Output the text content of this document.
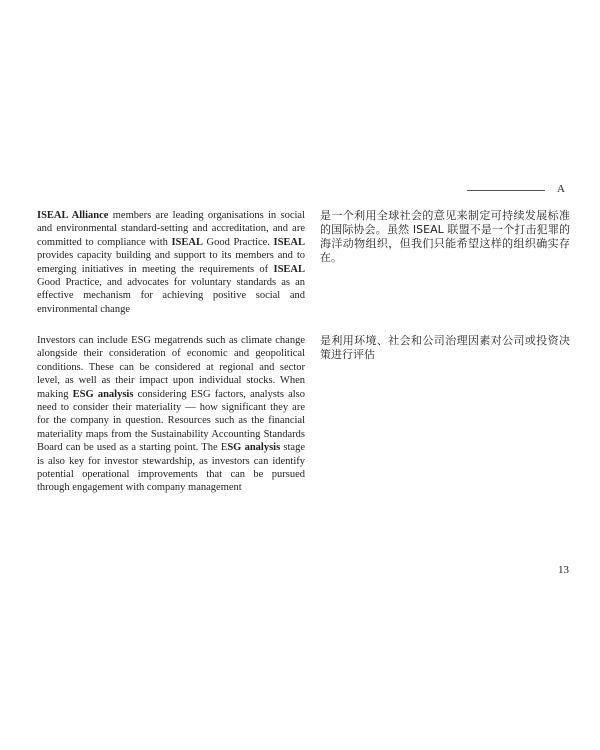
A
ISEAL Alliance members are leading organisations in social and environmental standard-setting and accreditation, and are committed to compliance with ISEAL Good Practice. ISEAL provides capacity building and support to its members and to emerging initiatives in meeting the requirements of ISEAL Good Practice, and advocates for voluntary standards as an effective mechanism for achieving positive social and environmental change
是一个利用全球社会的意见来制定可持续发展标准的国际协会。虽然 ISEAL 联盟不是一个打击犯罪的海洋动物组织，但我们只能希望这样的组织确实存在。
Investors can include ESG megatrends such as climate change alongside their consideration of economic and geopolitical conditions. These can be considered at regional and sector level, as well as their impact upon individual stocks. When making ESG analysis considering ESG factors, analysts also need to consider their materiality — how significant they are for the company in question. Resources such as the financial materiality maps from the Sustainability Accounting Standards Board can be used as a starting point. The ESG analysis stage is also key for investor stewardship, as investors can identify potential operational improvements that can be pursued through engagement with company management
是利用环境、社会和公司治理因素对公司或投资决策进行评估
13
